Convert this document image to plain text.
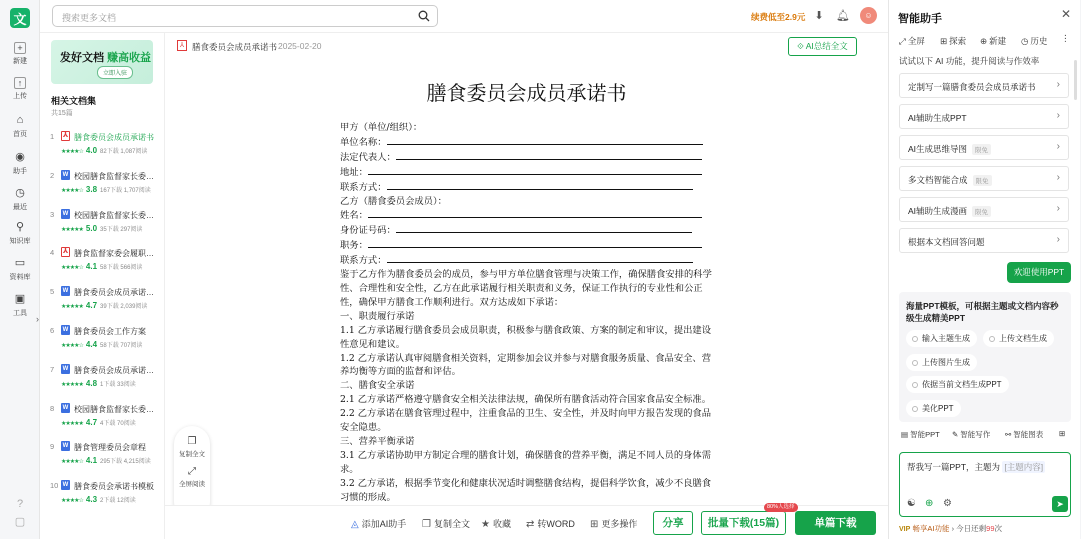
文
+
新建
↑
上传
⌂
首页
◉
助手
◷
最近
⚲
知识库
▭
资料库
▣
工具
?
▢
搜索更多文档	续费低至2.9元 ⬇ 🔔︎	☺
发好文档 赚高收益
立即入驻
相关文档集
共15篇
1 ⅄ 膳食委员会成员承诺书
★★★★☆ 4.0 82下载 1,087阅读
2 W 校园膳食监督家长委…
★★★★☆ 3.8 167下载 1,707阅读
3 W 校园膳食监督家长委…
★★★★★ 5.0 35下载 297阅读
4 ⅄ 膳食监督家委会履职…
★★★★☆ 4.1 58下载 566阅读
5 W 膳食委员会成员承诺…
★★★★★ 4.7 39下载 2,039阅读
6 W 膳食委员会工作方案
★★★★☆ 4.4 58下载 707阅读
7 W 膳食委员会成员承诺…
★★★★★ 4.8 1下载 33阅读
8 W 校园膳食监督家长委…
★★★★★ 4.7 4下载 70阅读
9 W 膳食管理委员会章程
★★★★☆ 4.1 295下载 4,215阅读
10 W 膳食委员会承诺书模板
★★★★☆ 4.3 2下载 12阅读
›
⅄ 膳食委员会成员承诺书 2025-02-20	⟐ AI总结全文
膳食委员会成员承诺书

甲方（单位/组织）：

单位名称：

法定代表人：

地址：

联系方式：

乙方（膳食委员会成员）：

姓名：

身份证号码：

职务：

联系方式：

鉴于乙方作为膳食委员会的成员，参与甲方单位膳食管理与决策工作，确保膳食安排的科学性、合理性和安全性，乙方在此承诺履行相关职责和义务，保证工作执行的专业性和公正性，确保甲方膳食工作顺利进行。双方达成如下承诺：

一、职责履行承诺

1.1 乙方承诺履行膳食委员会成员职责，积极参与膳食政策、方案的制定和审议，提出建设性意见和建议。

1.2 乙方承诺认真审阅膳食相关资料，定期参加会议并参与对膳食服务质量、食品安全、营养均衡等方面的监督和评估。

二、膳食安全承诺

2.1 乙方承诺严格遵守膳食安全相关法律法规，确保所有膳食活动符合国家食品安全标准。

2.2 乙方承诺在膳食管理过程中，注重食品的卫生、安全性，并及时向甲方报告发现的食品安全隐患。

三、营养平衡承诺

3.1 乙方承诺协助甲方制定合理的膳食计划，确保膳食的营养平衡，满足不同人员的身体需求。

3.2 乙方承诺，根据季节变化和健康状况适时调整膳食结构，提倡科学饮食，减少不良膳食习惯的形成。

❐
复制全文
⤢
全屏阅读
◬ 添加AI助手 ❐ 复制全文 ★ 收藏 ⇄ 转WORD ⊞ 更多操作	分享	批量下载(15篇)
80%人选择
单篇下载
智能助手	✕
⤢ 全屏 ⊞ 探索 ⊕ 新建 ◷ 历史 ⋮
试试以下 AI 功能，提升阅读与作效率
定制写一篇膳食委员会成员承诺书 ›
AI辅助生成PPT	›
AI生成思维导图 限免	›
多文档智能合成 限免	›
AI辅助生成漫画 限免	›
根据本文档回答问题	›
欢迎使用PPT
海量PPT模板，可根据主题或文档内容秒级生成精美PPT
输入主题生成	上传文档生成
上传图片生成
依据当前文档生成PPT
美化PPT
▤ 智能PPT ✎ 智能写作 ⚯ 智能图表 ⊞
帮我写一篇PPT，主题为 [主题内容]
☯ ⊕ ⚙	➤
VIP 畅享AI功能 › 今日还剩99次
